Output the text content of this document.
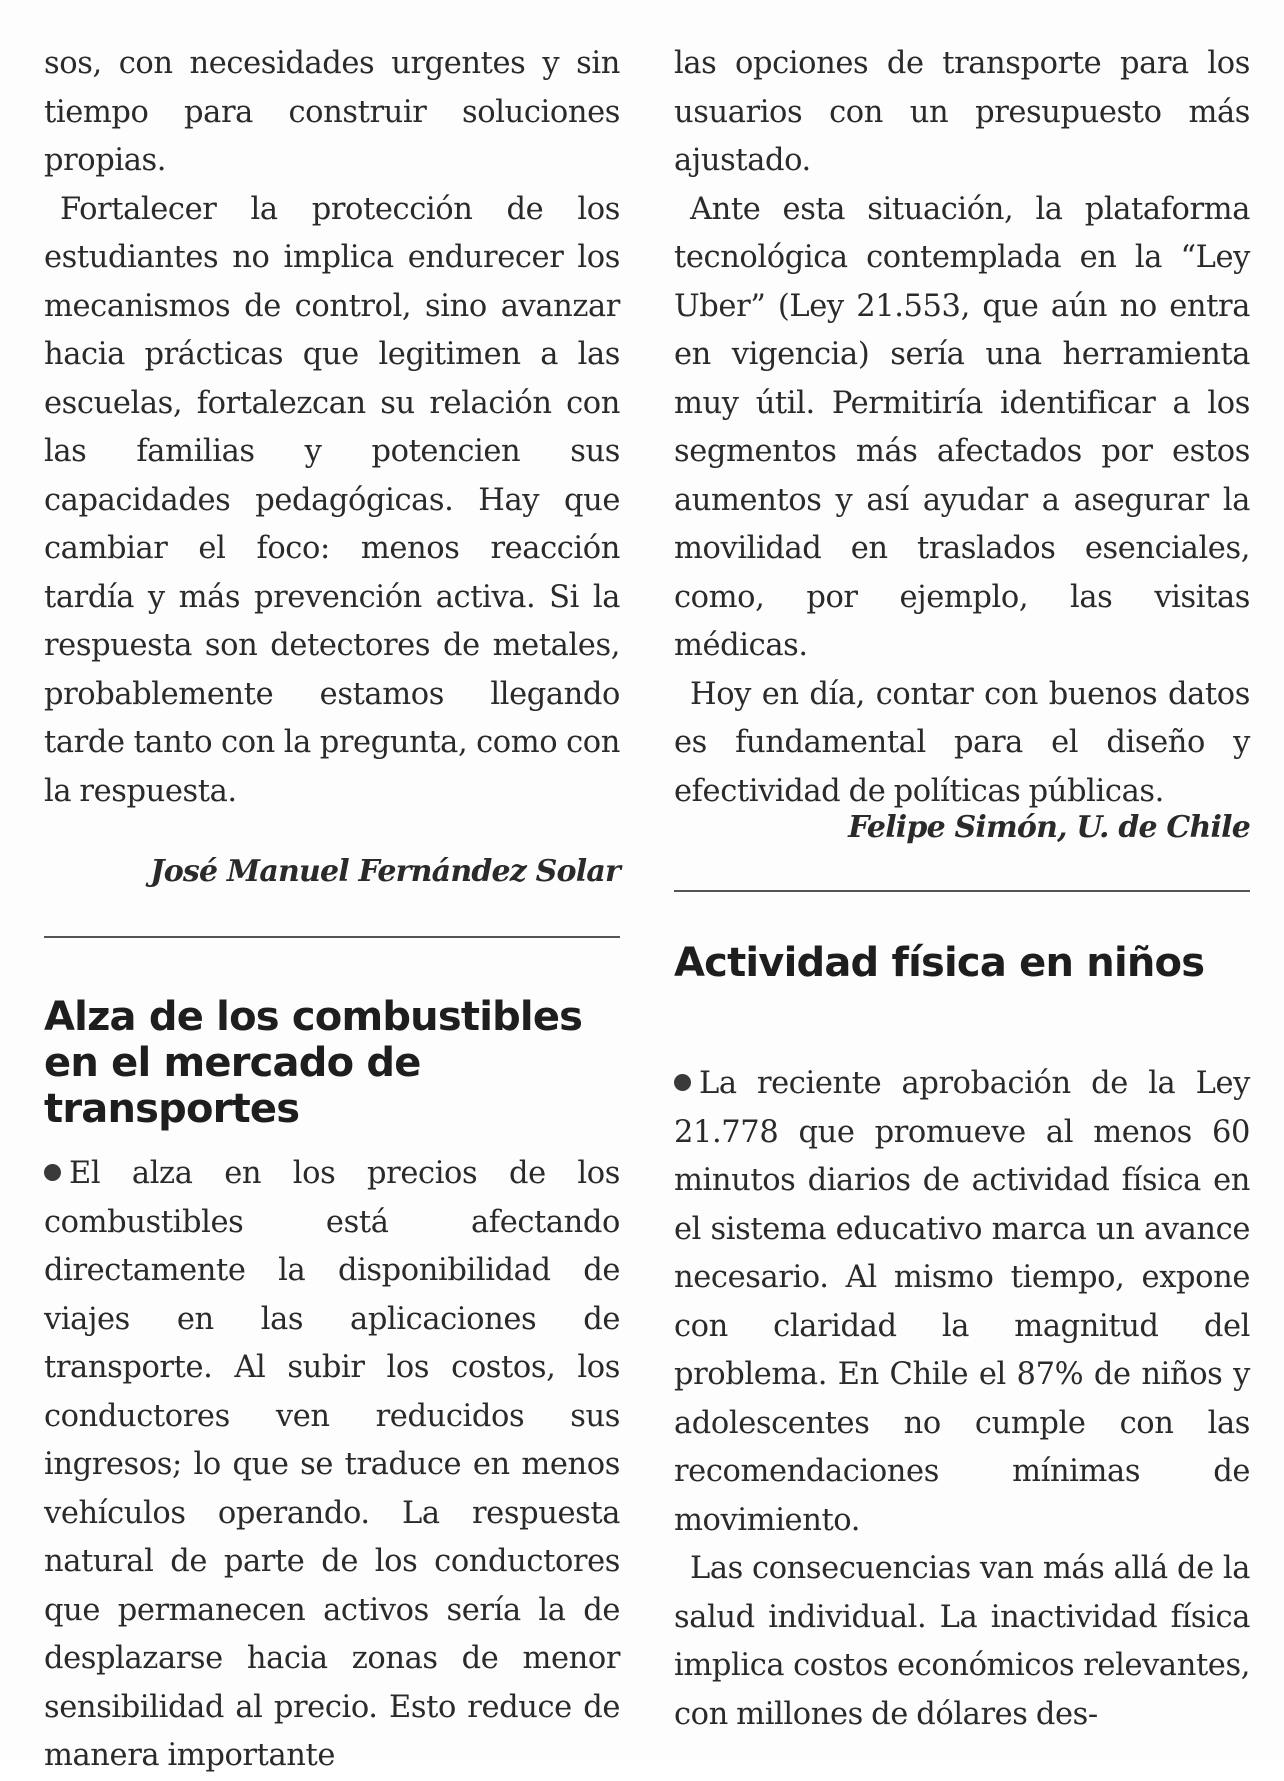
sos, con necesidades urgentes y sin tiempo para construir soluciones propias.

Fortalecer la protección de los estudiantes no implica endurecer los mecanismos de control, sino avanzar hacia prácticas que legitimen a las escuelas, fortalezcan su relación con las familias y potencien sus capacidades pedagógicas. Hay que cambiar el foco: menos reacción tardía y más prevención activa. Si la respuesta son detectores de metales, probablemente estamos llegando tarde tanto con la pregunta, como con la respuesta.

José Manuel Fernández Solar
Alza de los combustibles en el mercado de transportes

El alza en los precios de los combustibles está afectando directamente la disponibilidad de viajes en las aplicaciones de transporte. Al subir los costos, los conductores ven reducidos sus ingresos; lo que se traduce en menos vehículos operando. La respuesta natural de parte de los conductores que permanecen activos sería la de desplazarse hacia zonas de menor sensibilidad al precio. Esto reduce de manera importante

las opciones de transporte para los usuarios con un presupuesto más ajustado.

Ante esta situación, la plataforma tecnológica contemplada en la “Ley Uber” (Ley 21.553, que aún no entra en vigencia) sería una herramienta muy útil. Permitiría identificar a los segmentos más afectados por estos aumentos y así ayudar a asegurar la movilidad en traslados esenciales, como, por ejemplo, las visitas médicas.

Hoy en día, contar con buenos datos es fundamental para el diseño y efectividad de políticas públicas.

Felipe Simón, U. de Chile
Actividad física en niños

La reciente aprobación de la Ley 21.778 que promueve al menos 60 minutos diarios de actividad física en el sistema educativo marca un avance necesario. Al mismo tiempo, expone con claridad la magnitud del problema. En Chile el 87% de niños y adolescentes no cumple con las recomendaciones mínimas de movimiento.

Las consecuencias van más allá de la salud individual. La inactividad física implica costos económicos relevantes, con millones de dólares des-
